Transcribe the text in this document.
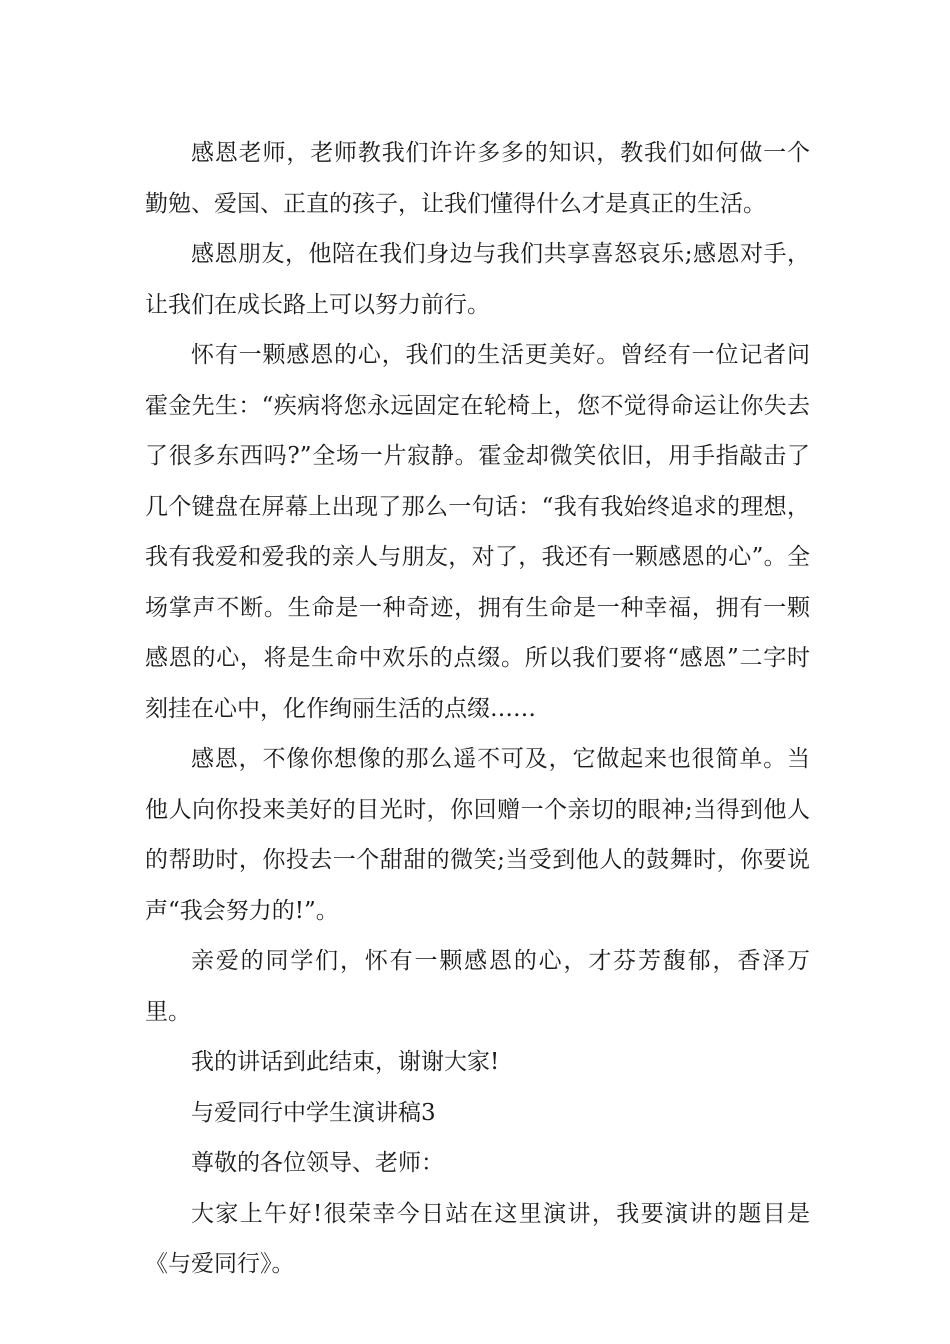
感恩老师，老师教我们许许多多的知识，教我们如何做一个勤勉、爱国、正直的孩子，让我们懂得什么才是真正的生活。

感恩朋友，他陪在我们身边与我们共享喜怒哀乐;感恩对手，让我们在成长路上可以努力前行。

怀有一颗感恩的心，我们的生活更美好。曾经有一位记者问霍金先生：“疾病将您永远固定在轮椅上，您不觉得命运让你失去了很多东西吗?”全场一片寂静。霍金却微笑依旧，用手指敲击了几个键盘在屏幕上出现了那么一句话：“我有我始终追求的理想，我有我爱和爱我的亲人与朋友，对了，我还有一颗感恩的心”。全场掌声不断。生命是一种奇迹，拥有生命是一种幸福，拥有一颗感恩的心，将是生命中欢乐的点缀。所以我们要将“感恩”二字时刻挂在心中，化作绚丽生活的点缀……

感恩，不像你想像的那么遥不可及，它做起来也很简单。当他人向你投来美好的目光时，你回赠一个亲切的眼神;当得到他人的帮助时，你投去一个甜甜的微笑;当受到他人的鼓舞时，你要说声“我会努力的!”。

亲爱的同学们，怀有一颗感恩的心，才芬芳馥郁，香泽万里。

我的讲话到此结束，谢谢大家!

与爱同行中学生演讲稿3

尊敬的各位领导、老师：

大家上午好!很荣幸今日站在这里演讲，我要演讲的题目是《与爱同行》。
